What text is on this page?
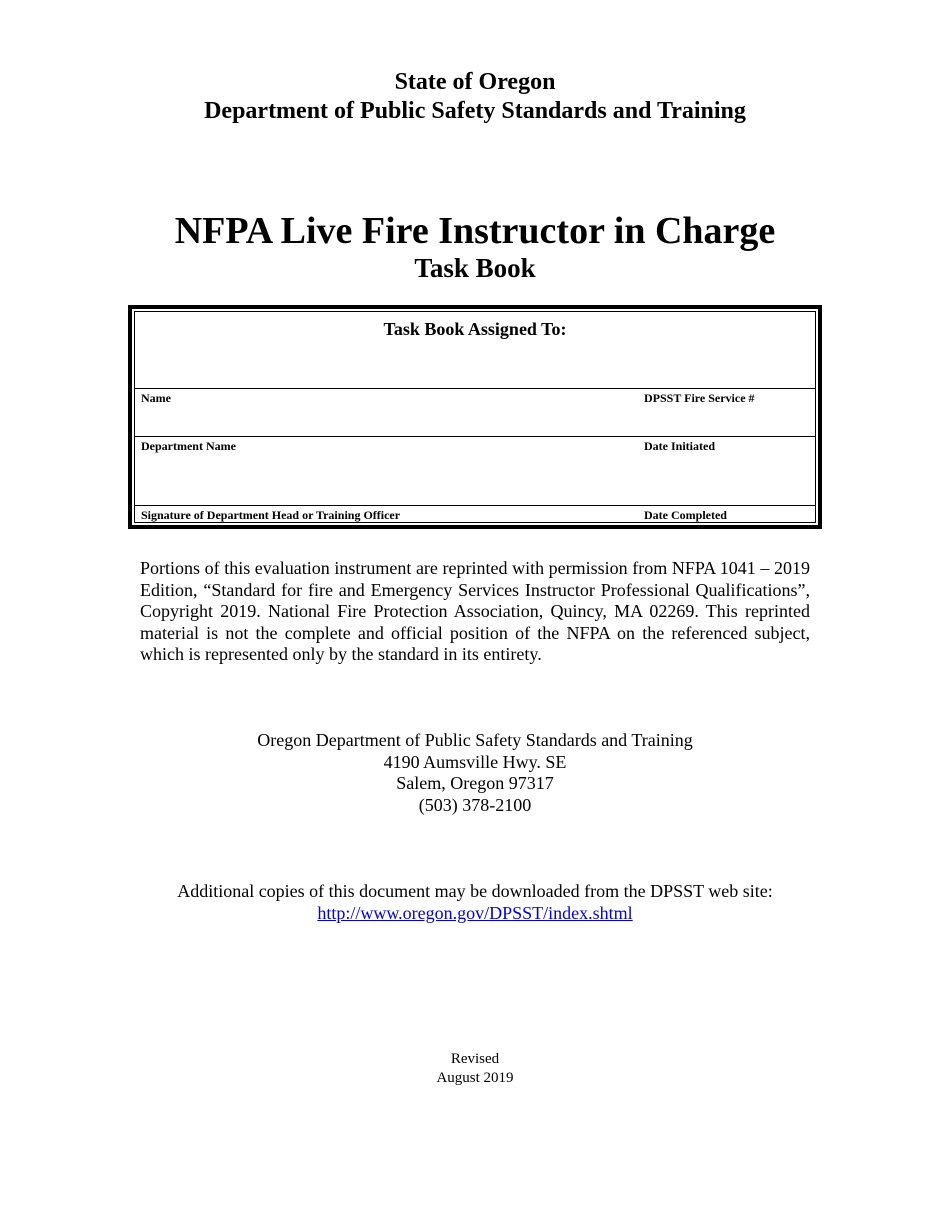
State of Oregon
Department of Public Safety Standards and Training
NFPA Live Fire Instructor in Charge
Task Book
Task Book Assigned To:
Name	DPSST Fire Service #
Department Name	Date Initiated
Signature of Department Head or Training Officer	Date Completed
Portions of this evaluation instrument are reprinted with permission from NFPA 1041 – 2019 Edition, “Standard for fire and Emergency Services Instructor Professional Qualifications”, Copyright 2019. National Fire Protection Association, Quincy, MA 02269. This reprinted material is not the complete and official position of the NFPA on the referenced subject, which is represented only by the standard in its entirety.
Oregon Department of Public Safety Standards and Training
4190 Aumsville Hwy. SE
Salem, Oregon 97317
(503) 378-2100
Additional copies of this document may be downloaded from the DPSST web site:
http://www.oregon.gov/DPSST/index.shtml
Revised
August 2019
